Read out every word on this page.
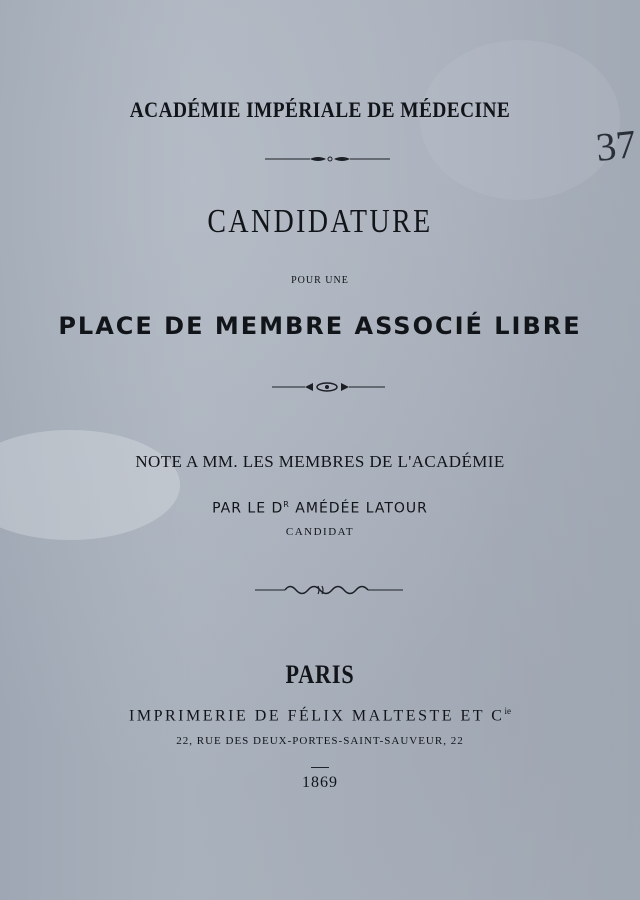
ACADÉMIE IMPÉRIALE DE MÉDECINE
CANDIDATURE
POUR UNE
PLACE DE MEMBRE ASSOCIÉ LIBRE
NOTE A MM. LES MEMBRES DE L'ACADÉMIE
PAR LE $D^R$ AMÉDÉE LATOUR
CANDIDAT
PARIS
IMPRIMERIE DE FÉLIX MALTESTE ET $C^{ie}$
22, RUE DES DEUX-PORTES-SAINT-SAUVEUR, 22
1869
37
